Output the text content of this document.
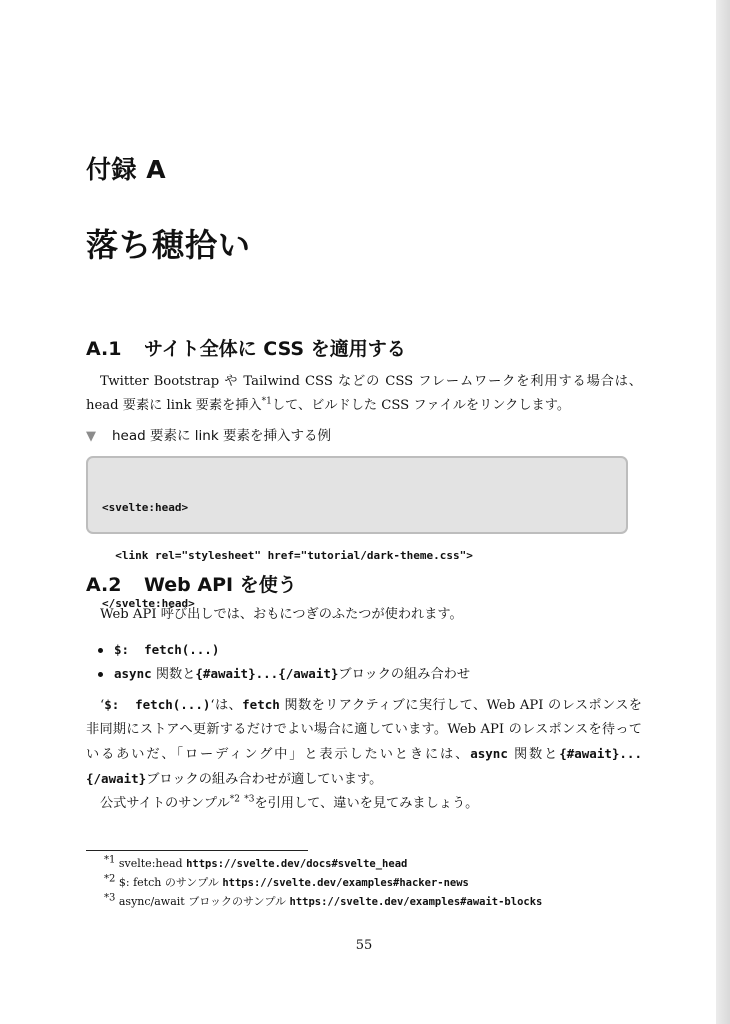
付録 A
落ち穂拾い
A.1 サイト全体に CSS を適用する

Twitter Bootstrap や Tailwind CSS などの CSS フレームワークを利用する場合は、head 要素に link 要素を挿入$^{*1}$して、ビルドした CSS ファイルをリンクします。

▼ head 要素に link 要素を挿入する例

<svelte:head>

<link rel="stylesheet" href="tutorial/dark-theme.css">

</svelte:head>

A.2 Web API を使う

Web API 呼び出しでは、おもにつぎのふたつが使われます。

$:  fetch(...)
async 関数と{#await}...{/await}ブロックの組み合わせ

‘$:  fetch(...)‘は、fetch 関数をリアクティブに実行して、Web API のレスポンスを非同期にストアへ更新するだけでよい場合に適しています。Web API のレスポンスを待っているあいだ、「ローディング中」と表示したいときには、async 関数と{#await}...{/await}ブロックの組み合わせが適しています。

公式サイトのサンプル$^{*2}$ $^{*3}$を引用して、違いを見てみましょう。

$^{*1}$ svelte:head https://svelte.dev/docs#svelte_head
$^{*2}$ $: fetch のサンプル https://svelte.dev/examples#hacker-news
$^{*3}$ async/await ブロックのサンプル https://svelte.dev/examples#await-blocks
55
